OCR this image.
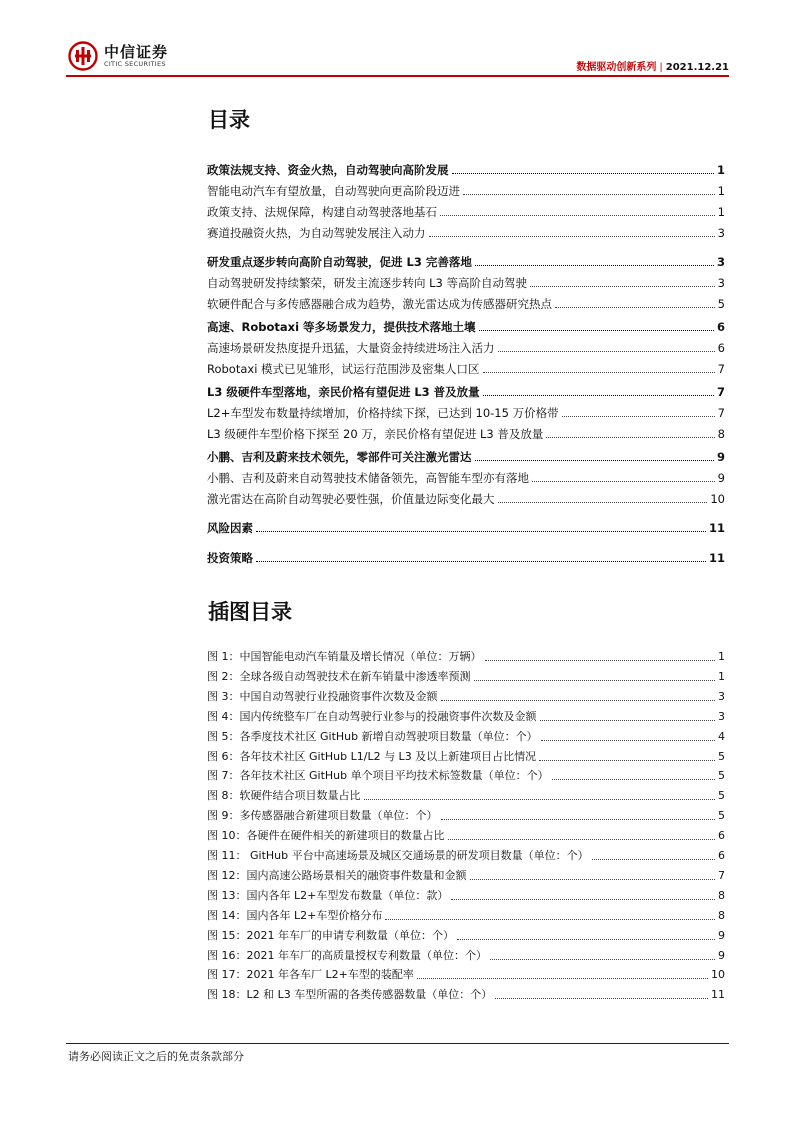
中信证券
CITIC SECURITIES	数据驱动创新系列 | 2021.12.21
目录
政策法规支持、资金火热，自动驾驶向高阶发展	1
智能电动汽车有望放量，自动驾驶向更高阶段迈进	1
政策支持、法规保障，构建自动驾驶落地基石	1
赛道投融资火热，为自动驾驶发展注入动力	3
研发重点逐步转向高阶自动驾驶，促进 L3 完善落地	3
自动驾驶研发持续繁荣，研发主流逐步转向 L3 等高阶自动驾驶	3
软硬件配合与多传感器融合成为趋势，激光雷达成为传感器研究热点	5
高速、Robotaxi 等多场景发力，提供技术落地土壤	6
高速场景研发热度提升迅猛，大量资金持续进场注入活力	6
Robotaxi 模式已见雏形，试运行范围涉及密集人口区	7
L3 级硬件车型落地，亲民价格有望促进 L3 普及放量	7
L2+车型发布数量持续增加，价格持续下探，已达到 10-15 万价格带	7
L3 级硬件车型价格下探至 20 万，亲民价格有望促进 L3 普及放量	8
小鹏、吉利及蔚来技术领先，零部件可关注激光雷达	9
小鹏、吉利及蔚来自动驾驶技术储备领先，高智能车型亦有落地	9
激光雷达在高阶自动驾驶必要性强，价值量边际变化最大	10
风险因素	11
投资策略	11
插图目录
图 1：中国智能电动汽车销量及增长情况（单位：万辆）	1
图 2：全球各级自动驾驶技术在新车销量中渗透率预测	1
图 3：中国自动驾驶行业投融资事件次数及金额	3
图 4：国内传统整车厂在自动驾驶行业参与的投融资事件次数及金额	3
图 5：各季度技术社区 GitHub 新增自动驾驶项目数量（单位：个）	4
图 6：各年技术社区 GitHub L1/L2 与 L3 及以上新建项目占比情况	5
图 7：各年技术社区 GitHub 单个项目平均技术标签数量（单位：个）	5
图 8：软硬件结合项目数量占比	5
图 9：多传感器融合新建项目数量（单位：个）	5
图 10：各硬件在硬件相关的新建项目的数量占比	6
图 11： GitHub 平台中高速场景及城区交通场景的研发项目数量（单位：个）	6
图 12：国内高速公路场景相关的融资事件数量和金额	7
图 13：国内各年 L2+车型发布数量（单位：款）	8
图 14：国内各年 L2+车型价格分布	8
图 15：2021 年车厂的申请专利数量（单位：个）	9
图 16：2021 年车厂的高质量授权专利数量（单位：个）	9
图 17：2021 年各车厂 L2+车型的装配率	10
图 18：L2 和 L3 车型所需的各类传感器数量（单位：个）	11
请务必阅读正文之后的免责条款部分
